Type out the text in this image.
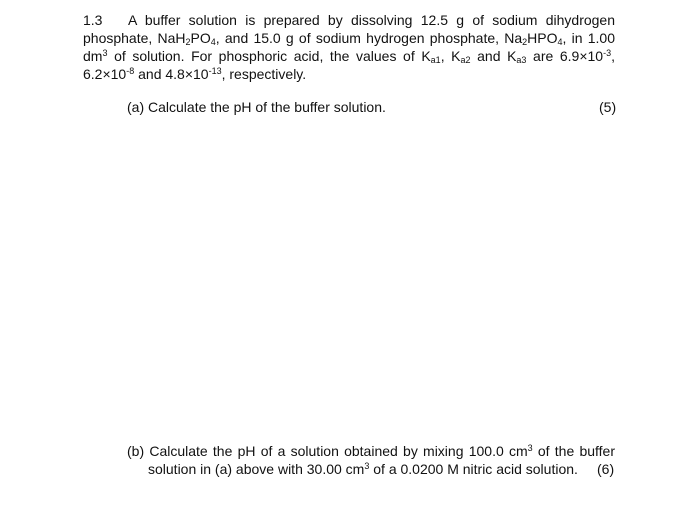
1.3 A buffer solution is prepared by dissolving 12.5 g of sodium dihydrogen
phosphate, $NaH_2PO_4$, and 15.0 g of sodium hydrogen phosphate, $Na_2HPO_4$, in 1.00
$dm^3$ of solution. For phosphoric acid, the values of $K_{a1}$, $K_{a2}$ and $K_{a3}$ are $6.9\times 10^{-3}$,
$6.2\times 10^{-8}$ and $4.8\times 10^{-13}$, respectively.
(a) Calculate the pH of the buffer solution.	(5)
(b) Calculate the pH of a solution obtained by mixing 100.0 $cm^3$ of the buffer
solution in (a) above with 30.00 $cm^3$ of a 0.0200 M nitric acid solution. (6)
